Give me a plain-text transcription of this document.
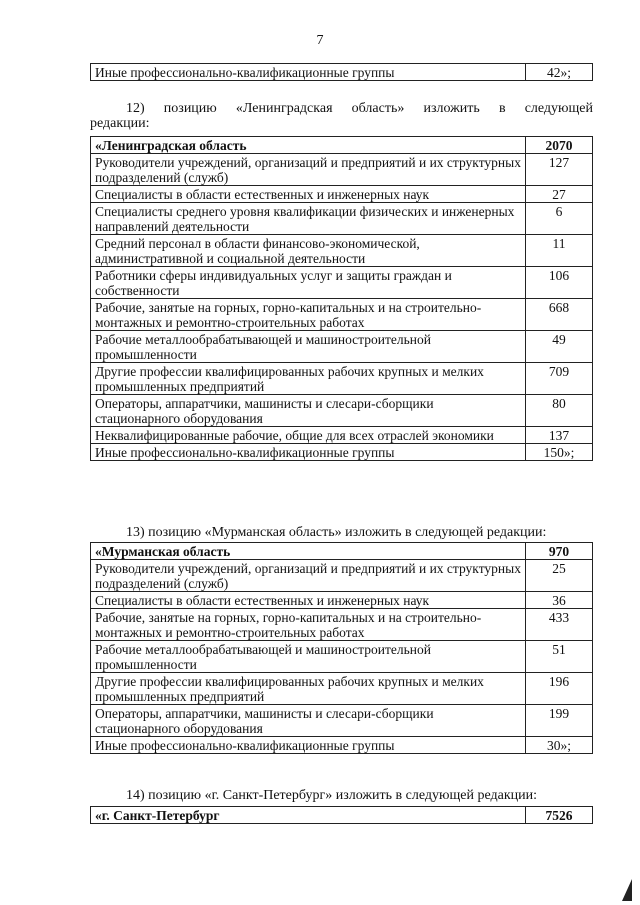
7
Иные профессионально-квалификационные группы	42»;
12) позицию «Ленинградская область» изложить в следующей
редакции:
«Ленинградская область	2070
Руководители учреждений, организаций и предприятий и их структурных подразделений (служб)	127
Специалисты в области естественных и инженерных наук	27
Специалисты среднего уровня квалификации физических и инженерных направлений деятельности	6
Средний персонал в области финансово-экономической, административной и социальной деятельности	11
Работники сферы индивидуальных услуг и защиты граждан и собственности	106
Рабочие, занятые на горных, горно-капитальных и на строительно-монтажных и ремонтно-строительных работах	668
Рабочие металлообрабатывающей и машиностроительной промышленности	49
Другие профессии квалифицированных рабочих крупных и мелких промышленных предприятий	709
Операторы, аппаратчики, машинисты и слесари-сборщики стационарного оборудования	80
Неквалифицированные рабочие, общие для всех отраслей экономики	137
Иные профессионально-квалификационные группы	150»;
13) позицию «Мурманская область» изложить в следующей редакции:
«Мурманская область	970
Руководители учреждений, организаций и предприятий и их структурных подразделений (служб)	25
Специалисты в области естественных и инженерных наук	36
Рабочие, занятые на горных, горно-капитальных и на строительно-монтажных и ремонтно-строительных работах	433
Рабочие металлообрабатывающей и машиностроительной промышленности	51
Другие профессии квалифицированных рабочих крупных и мелких промышленных предприятий	196
Операторы, аппаратчики, машинисты и слесари-сборщики стационарного оборудования	199
Иные профессионально-квалификационные группы	30»;
14) позицию «г. Санкт-Петербург» изложить в следующей редакции:
«г. Санкт-Петербург	7526
